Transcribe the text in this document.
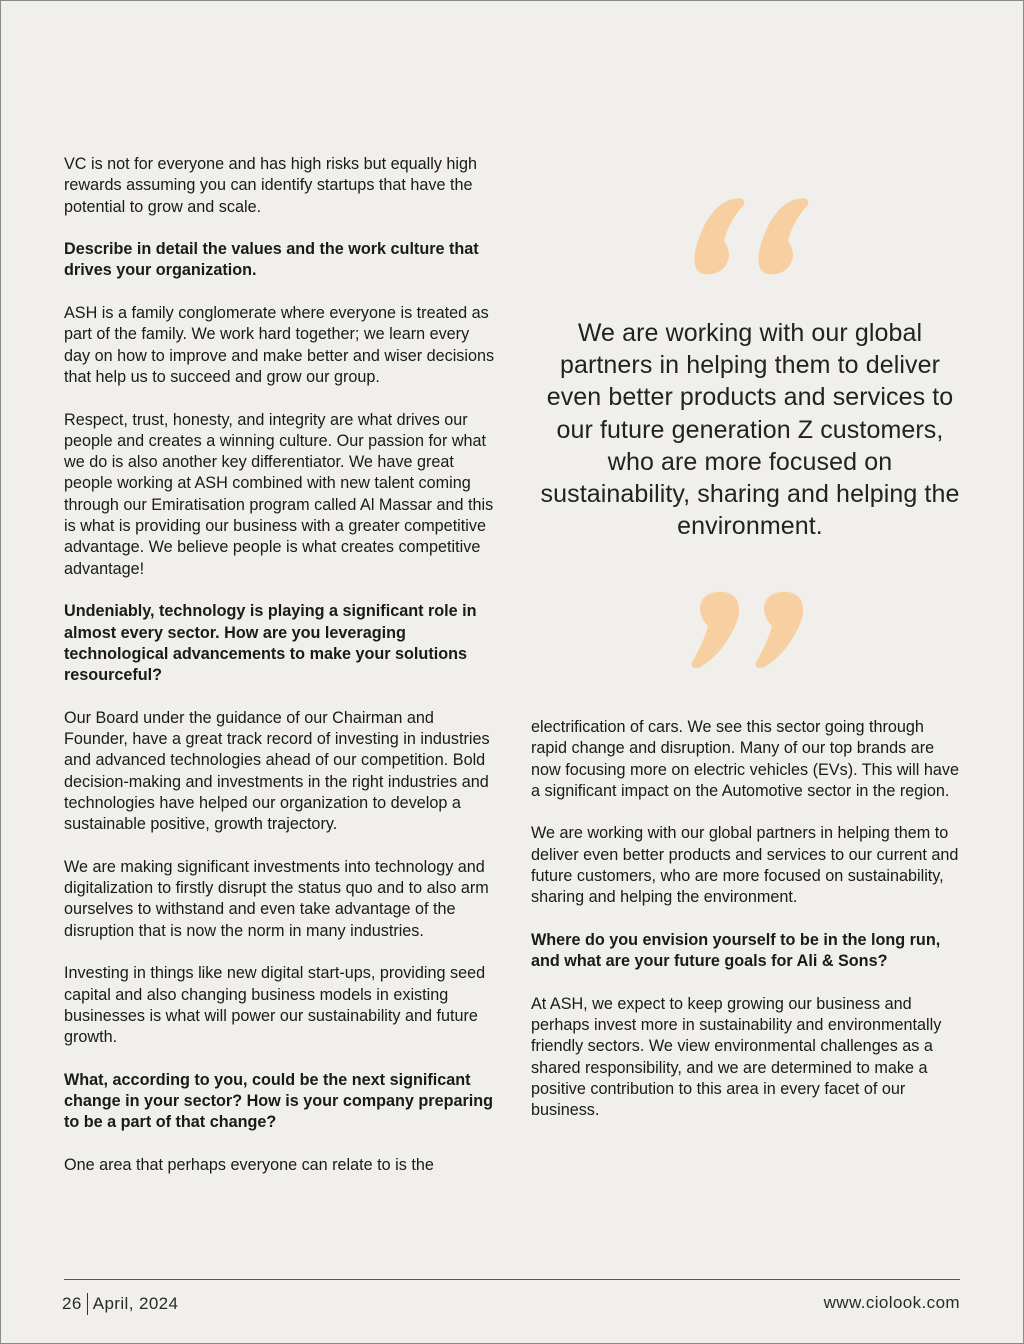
VC is not for everyone and has high risks but equally high rewards assuming you can identify startups that have the potential to grow and scale.

Describe in detail the values and the work culture that drives your organization.

ASH is a family conglomerate where everyone is treated as part of the family. We work hard together; we learn every day on how to improve and make better and wiser decisions that help us to succeed and grow our group.

Respect, trust, honesty, and integrity are what drives our people and creates a winning culture. Our passion for what we do is also another key differentiator. We have great people working at ASH combined with new talent coming through our Emiratisation program called Al Massar and this is what is providing our business with a greater competitive advantage. We believe people is what creates competitive advantage!

Undeniably, technology is playing a significant role in almost every sector. How are you leveraging technological advancements to make your solutions resourceful?

Our Board under the guidance of our Chairman and Founder, have a great track record of investing in industries and advanced technologies ahead of our competition. Bold decision-making and investments in the right industries and technologies have helped our organization to develop a sustainable positive, growth trajectory.

We are making significant investments into technology and digitalization to firstly disrupt the status quo and to also arm ourselves to withstand and even take advantage of the disruption that is now the norm in many industries.

Investing in things like new digital start-ups, providing seed capital and also changing business models in existing businesses is what will power our sustainability and future growth.

What, according to you, could be the next significant change in your sector? How is your company preparing to be a part of that change?

One area that perhaps everyone can relate to is the

We are working with our global partners in helping them to deliver even better products and services to our future generation Z customers, who are more focused on sustainability, sharing and helping the environment.

electrification of cars. We see this sector going through rapid change and disruption. Many of our top brands are now focusing more on electric vehicles (EVs). This will have a significant impact on the Automotive sector in the region.

We are working with our global partners in helping them to deliver even better products and services to our current and future customers, who are more focused on sustainability, sharing and helping the environment.

Where do you envision yourself to be in the long run, and what are your future goals for Ali & Sons?

At ASH, we expect to keep growing our business and perhaps invest more in sustainability and environmentally friendly sectors. We view environmental challenges as a shared responsibility, and we are determined to make a positive contribution to this area in every facet of our business.

26 April, 2024	www.ciolook.com
